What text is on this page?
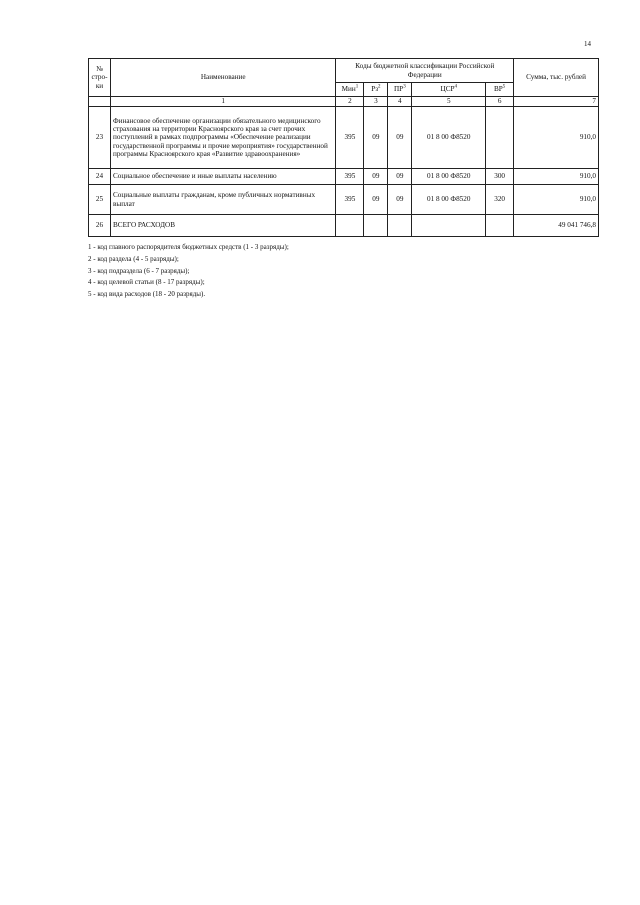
14
№ стро-ки	Наименование	Коды бюджетной классификации Российской Федерации					Сумма, тыс. рублей
		Мин$^1$	$Рз^2$	$ПР^3$	ЦСР$^4$	$ВР^5$
	1	2	3	4	5	6	7
23	Финансовое обеспечение организации обязательного медицинского страхования на территории Красноярского края за счет прочих поступлений в рамках подпрограммы «Обеспечение реализации государственной программы и прочие мероприятия» государственной программы Красноярского края «Развитие здравоохранения»	395	09	09	01 8 00 Ф8520		910,0
24	Социальное обеспечение и иные выплаты населению	395	09	09	01 8 00 Ф8520	300	910,0
25	Социальные выплаты гражданам, кроме публичных нормативных выплат	395	09	09	01 8 00 Ф8520	320	910,0
26	ВСЕГО РАСХОДОВ						49 041 746,8
1 - код главного распорядителя бюджетных средств (1 - 3 разряды);
2 - код раздела (4 - 5 разряды);
3 - код подраздела (6 - 7 разряды);
4 - код целевой статьи (8 - 17 разряды);
5 - код вида расходов (18 - 20 разряды).
